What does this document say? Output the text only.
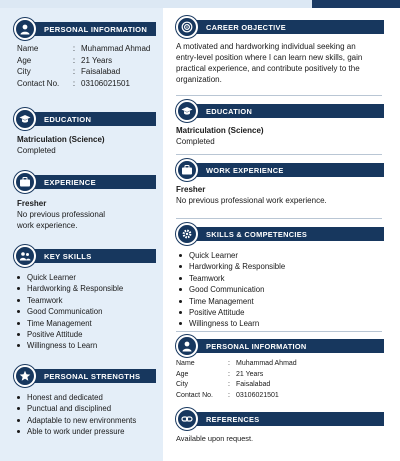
PERSONAL INFORMATION
Name	: Muhammad Ahmad
Age	: 21 Years
City	: Faisalabad
Contact No.	: 03106021501
EDUCATION
Matriculation (Science)
Completed
EXPERIENCE
Fresher
No previous professional
work experience.
KEY SKILLS
Quick Learner
Hardworking & Responsible
Teamwork
Good Communication
Time Management
Positive Attitude
Willingness to Learn
PERSONAL STRENGTHS
Honest and dedicated
Punctual and disciplined
Adaptable to new environments
Able to work under pressure
CAREER OBJECTIVE
A motivated and hardworking individual seeking an
entry-level position where I can learn new skills, gain
practical experience, and contribute positively to the
organization.
EDUCATION
Matriculation (Science)
Completed
WORK EXPERIENCE
Fresher
No previous professional work experience.
SKILLS & COMPETENCIES
Quick Learner
Hardworking & Responsible
Teamwork
Good Communication
Time Management
Positive Attitude
Willingness to Learn
PERSONAL INFORMATION
Name	: Muhammad Ahmad
Age	: 21 Years
City	: Faisalabad
Contact No.	: 03106021501
REFERENCES
Available upon request.
